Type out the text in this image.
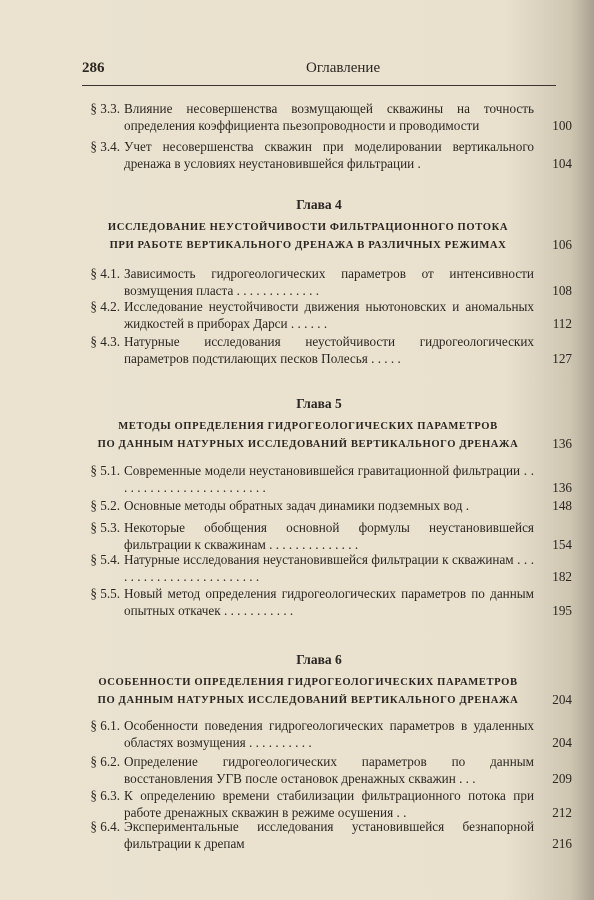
286	Оглавление
§ 3.3. Влияние несовершенства возмущающей скважины на точность определения коэффициента пьезопроводности и проводимости	100
§ 3.4. Учет несовершенства скважин при моделировании вертикального дренажа в условиях неустановившейся фильтрации .	104
Глава 4
ИССЛЕДОВАНИЕ НЕУСТОЙЧИВОСТИ ФИЛЬТРАЦИОННОГО ПОТОКА
ПРИ РАБОТЕ ВЕРТИКАЛЬНОГО ДРЕНАЖА В РАЗЛИЧНЫХ РЕЖИМАХ	106
§ 4.1. Зависимость гидрогеологических параметров от интенсивности возмущения пласта . . . . . . . . . . . . .	108
§ 4.2. Исследование неустойчивости движения ньютоновских и аномальных жидкостей в приборах Дарси . . . . . .	112
§ 4.3. Натурные исследования неустойчивости гидрогеологических параметров подстилающих песков Полесья . . . . .	127
Глава 5
МЕТОДЫ ОПРЕДЕЛЕНИЯ ГИДРОГЕОЛОГИЧЕСКИХ ПАРАМЕТРОВ
ПО ДАННЫМ НАТУРНЫХ ИССЛЕДОВАНИЙ ВЕРТИКАЛЬНОГО ДРЕНАЖА	136
§ 5.1. Современные модели неустановившейся гравитационной фильтрации . . . . . . . . . . . . . . . . . . . . . . . .	136
§ 5.2. Основные методы обратных задач динамики подземных вод .	148
§ 5.3. Некоторые обобщения основной формулы неустановившейся фильтрации к скважинам . . . . . . . . . . . . . .	154
§ 5.4. Натурные исследования неустановившейся фильтрации к скважинам . . . . . . . . . . . . . . . . . . . . . . . .	182
§ 5.5. Новый метод определения гидрогеологических параметров по данным опытных откачек . . . . . . . . . . .	195
Глава 6
ОСОБЕННОСТИ ОПРЕДЕЛЕНИЯ ГИДРОГЕОЛОГИЧЕСКИХ ПАРАМЕТРОВ
ПО ДАННЫМ НАТУРНЫХ ИССЛЕДОВАНИЙ ВЕРТИКАЛЬНОГО ДРЕНАЖА	204
§ 6.1. Особенности поведения гидрогеологических параметров в удаленных областях возмущения . . . . . . . . . .	204
§ 6.2. Определение гидрогеологических параметров по данным восстановления УГВ после остановок дренажных скважин . . .	209
§ 6.3. К определению времени стабилизации фильтрационного потока при работе дренажных скважин в режиме осушения . .	212
§ 6.4. Экспериментальные исследования установившейся безнапорной фильтрации к дрепам	216
